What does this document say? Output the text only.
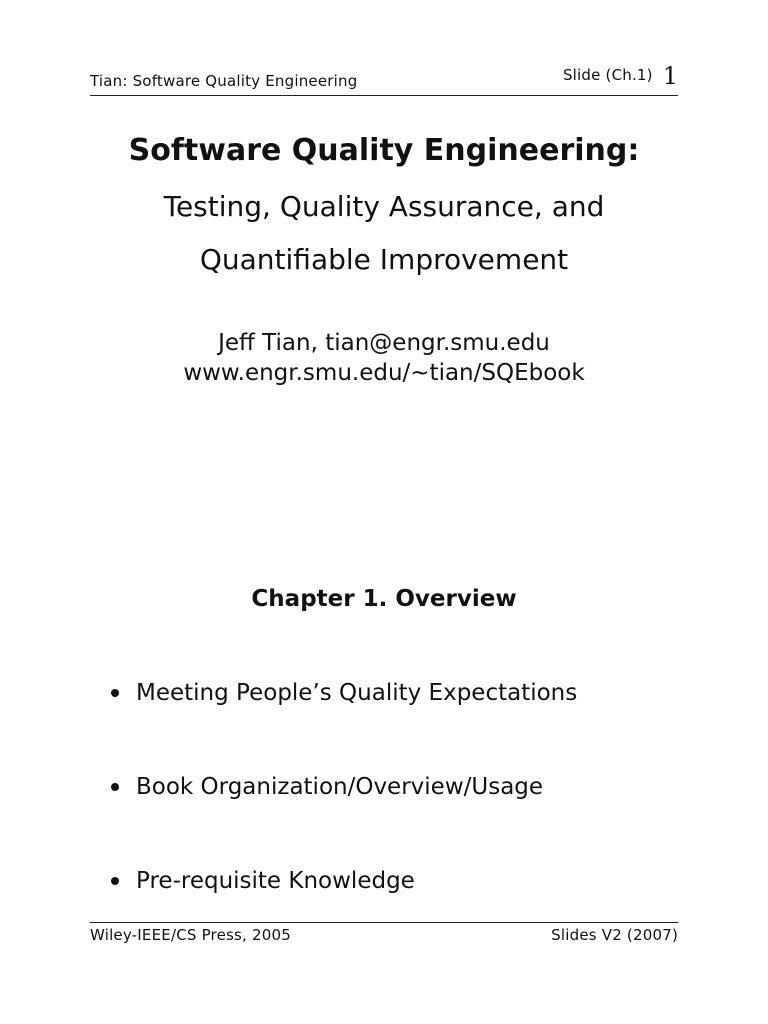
Tian: Software Quality Engineering	Slide (Ch.1) 1
Software Quality Engineering:
Testing, Quality Assurance, and
Quantifiable Improvement
Jeff Tian, tian@engr.smu.edu
www.engr.smu.edu/∼tian/SQEbook
Chapter 1. Overview
Meeting People’s Quality Expectations
Book Organization/Overview/Usage
Pre-requisite Knowledge
Wiley-IEEE/CS Press, 2005	Slides V2 (2007)
